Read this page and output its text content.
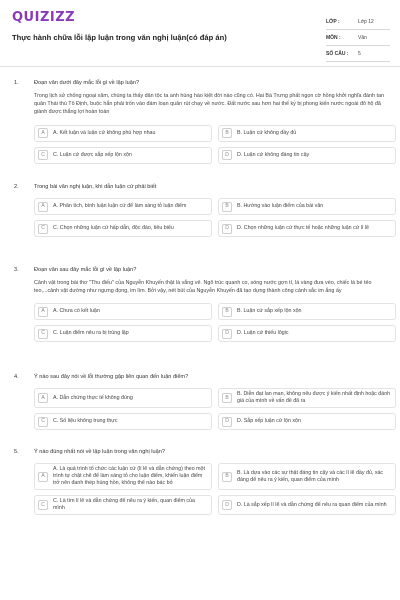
QUIZIZZ
Thực hành chữa lỗi lập luận trong văn nghị luận(có đáp án)
LỚP :	Lớp 12
MÔN :	Văn
SỐ CÂU :	5
1.	Đoạn văn dưới đây mắc lỗi gì về lập luận?
Trong lịch sử chống ngoại xâm, chúng ta thấy dân tộc ta anh hùng hào kiệt đời nào cũng có. Hai Bà Trưng phất ngọn cờ hồng khởi nghĩa đánh tan quân Thái thú Tô Định, buộc hắn phải trốn vào đám loạn quân rút chạy về nước. Đất nước sau hơn hai thế kỷ bị phong kiến nước ngoài đô hộ đã giành được thắng lợi hoàn toàn
A	A. Kết luận và luận cứ không phù hợp nhau	B	B. Luận cứ không đầy đủ
C	C. Luận cứ được sắp xếp lộn xộn	D	D. Luận cứ không đáng tin cậy
2.	Trong bài văn nghị luận, khi dẫn luận cứ phải biết
A	A. Phân tích, bình luận luận cứ để làm sáng tỏ luận điểm	B	B. Hướng vào luận điểm của bài văn
C	C. Chọn những luận cứ hấp dẫn, độc đáo, tiêu biểu	D	D. Chọn những luận cứ thực tế hoặc những luận cứ lí lẽ
3.	Đoạn văn sau đây mắc lỗi gì về lập luận?
Cảnh vật trong bài thơ "Thu điếu" của Nguyễn Khuyến thật là vắng vẻ. Ngõ trúc quanh co, sóng nước gợn tí, lá vàng đưa vèo, chiếc lá bé tẻo teo,...cảnh vật dường như ngưng đọng, im lìm. Bởi vậy, nét bút của Nguyễn Khuyến đã tạo dựng thành công cảnh sắc im ắng ấy
A	A. Chưa có kết luận	B	B. Luận cứ sắp xếp lộn xộn
C	C. Luận điểm nêu ra bị trùng lặp	D	D. Luận cứ thiếu lôgic
4.	Ý nào sau đây nói về lỗi thường gặp liên quan đến luận điểm?
A	A. Dẫn chứng thực tế không đúng	B
B. Diễn đạt lan man, không nêu được ý kiến nhất định hoặc đánh giá của mình về vấn đề đã ra
C	C. Số liệu không trung thực	D	D. Sắp xếp luận cứ lộn xộn
5.	Ý nào đúng nhất nói về lập luận trong văn nghị luận?
A
A. Là quá trình tổ chức các luận cứ (lí lẽ và dẫn chứng) theo một trình tự chặt chẽ để làm sáng tỏ cho luận điểm, khiến luận điểm trở nên đanh thép hùng hồn, không thể nào bác bỏ
B
B. Là dựa vào các sự thật đáng tin cậy và các lí lẽ đầy đủ, xác đáng để nêu ra ý kiến, quan điểm của mình
C
C. Là tìm lí lẽ và dẫn chứng để nêu ra ý kiến, quan điểm của mình
D	D. Là sắp xếp lí lẽ và dẫn chứng để nêu ra quan điểm của mình
